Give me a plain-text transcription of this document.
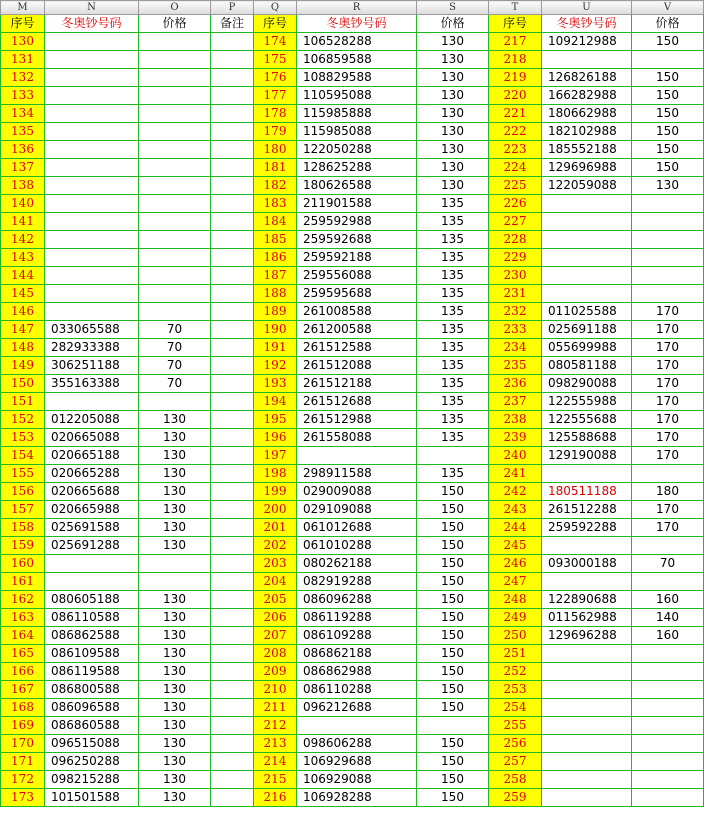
M	N	O	P	Q	R	S	T	U	V
序号	冬奥钞号码	价格	备注	序号	冬奥钞号码	价格	序号	冬奥钞号码	价格
130				174	106528288	130	217	109212988	150
131				175	106859588	130	218		
132				176	108829588	130	219	126826188	150
133				177	110595088	130	220	166282988	150
134				178	115985888	130	221	180662988	150
135				179	115985088	130	222	182102988	150
136				180	122050288	130	223	185552188	150
137				181	128625288	130	224	129696988	150
138				182	180626588	130	225	122059088	130
140				183	211901588	135	226		
141				184	259592988	135	227		
142				185	259592688	135	228		
143				186	259592188	135	229		
144				187	259556088	135	230		
145				188	259595688	135	231		
146				189	261008588	135	232	011025588	170
147	033065588	70		190	261200588	135	233	025691188	170
148	282933388	70		191	261512588	135	234	055699988	170
149	306251188	70		192	261512088	135	235	080581188	170
150	355163388	70		193	261512188	135	236	098290088	170
151				194	261512688	135	237	122555988	170
152	012205088	130		195	261512988	135	238	122555688	170
153	020665088	130		196	261558088	135	239	125588688	170
154	020665188	130		197			240	129190088	170
155	020665288	130		198	298911588	135	241		
156	020665688	130		199	029009088	150	242	180511188	180
157	020665988	130		200	029109088	150	243	261512288	170
158	025691588	130		201	061012688	150	244	259592288	170
159	025691288	130		202	061010288	150	245		
160				203	080262188	150	246	093000188	70
161				204	082919288	150	247		
162	080605188	130		205	086096288	150	248	122890688	160
163	086110588	130		206	086119288	150	249	011562988	140
164	086862588	130		207	086109288	150	250	129696288	160
165	086109588	130		208	086862188	150	251		
166	086119588	130		209	086862988	150	252		
167	086800588	130		210	086110288	150	253		
168	086096588	130		211	096212688	150	254		
169	086860588	130		212			255		
170	096515088	130		213	098606288	150	256		
171	096250288	130		214	106929688	150	257		
172	098215288	130		215	106929088	150	258		
173	101501588	130		216	106928288	150	259		
